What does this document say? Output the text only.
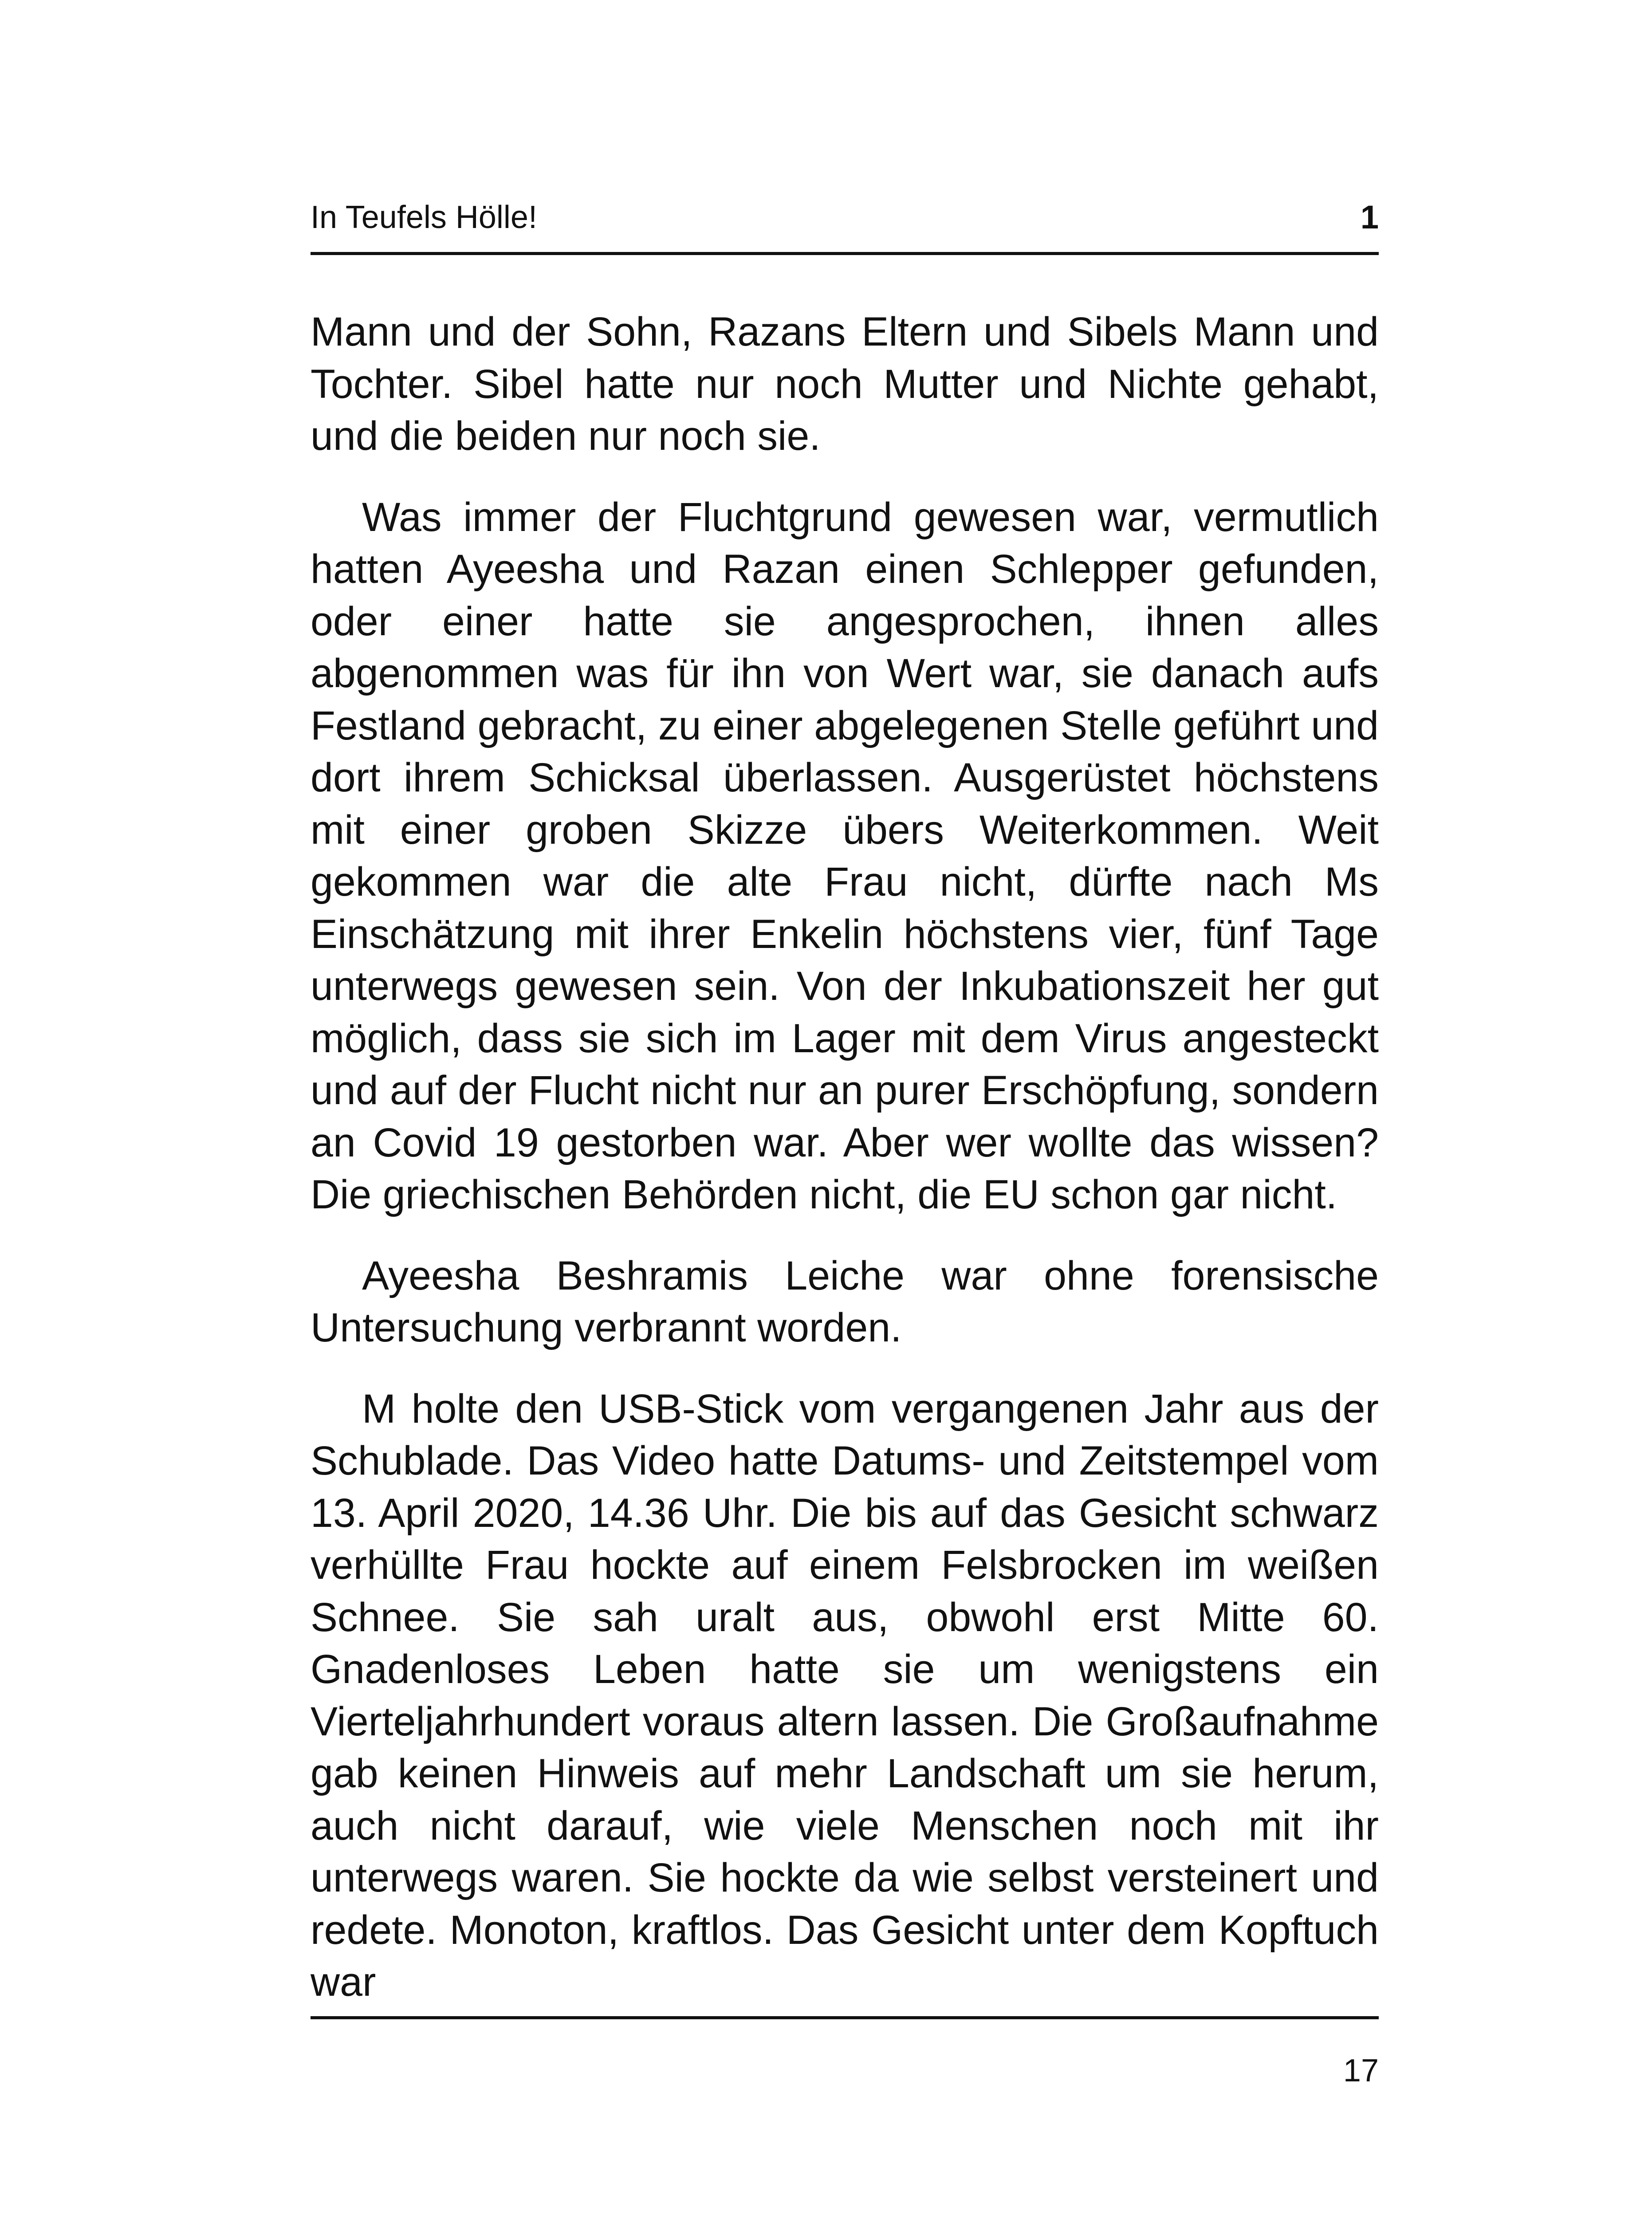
In Teufels Hölle!	1

Mann und der Sohn, Razans Eltern und Sibels Mann und Tochter. Sibel hatte nur noch Mutter und Nichte gehabt, und die beiden nur noch sie.

Was immer der Fluchtgrund gewesen war, vermutlich hatten Ayeesha und Razan einen Schlepper gefunden, oder einer hatte sie angesprochen, ihnen alles abgenommen was für ihn von Wert war, sie danach aufs Festland gebracht, zu einer abgelegenen Stelle geführt und dort ihrem Schicksal überlassen. Ausgerüstet höchstens mit einer groben Skizze übers Weiterkommen. Weit gekommen war die alte Frau nicht, dürfte nach Ms Einschätzung mit ihrer Enkelin höchstens vier, fünf Tage unterwegs gewesen sein. Von der Inkubationszeit her gut möglich, dass sie sich im Lager mit dem Virus angesteckt und auf der Flucht nicht nur an purer Erschöpfung, sondern an Covid 19 gestorben war. Aber wer wollte das wissen? Die griechischen Behörden nicht, die EU schon gar nicht.

Ayeesha Beshramis Leiche war ohne forensische Untersuchung verbrannt worden.

M holte den USB-Stick vom vergangenen Jahr aus der Schublade. Das Video hatte Datums- und Zeitstempel vom 13. April 2020, 14.36 Uhr. Die bis auf das Gesicht schwarz verhüllte Frau hockte auf einem Felsbrocken im weißen Schnee. Sie sah uralt aus, obwohl erst Mitte 60. Gnadenloses Leben hatte sie um wenigstens ein Vierteljahrhundert voraus altern lassen. Die Großaufnahme gab keinen Hinweis auf mehr Landschaft um sie herum, auch nicht darauf, wie viele Menschen noch mit ihr unterwegs waren. Sie hockte da wie selbst versteinert und redete. Monoton, kraftlos. Das Gesicht unter dem Kopftuch war

17
